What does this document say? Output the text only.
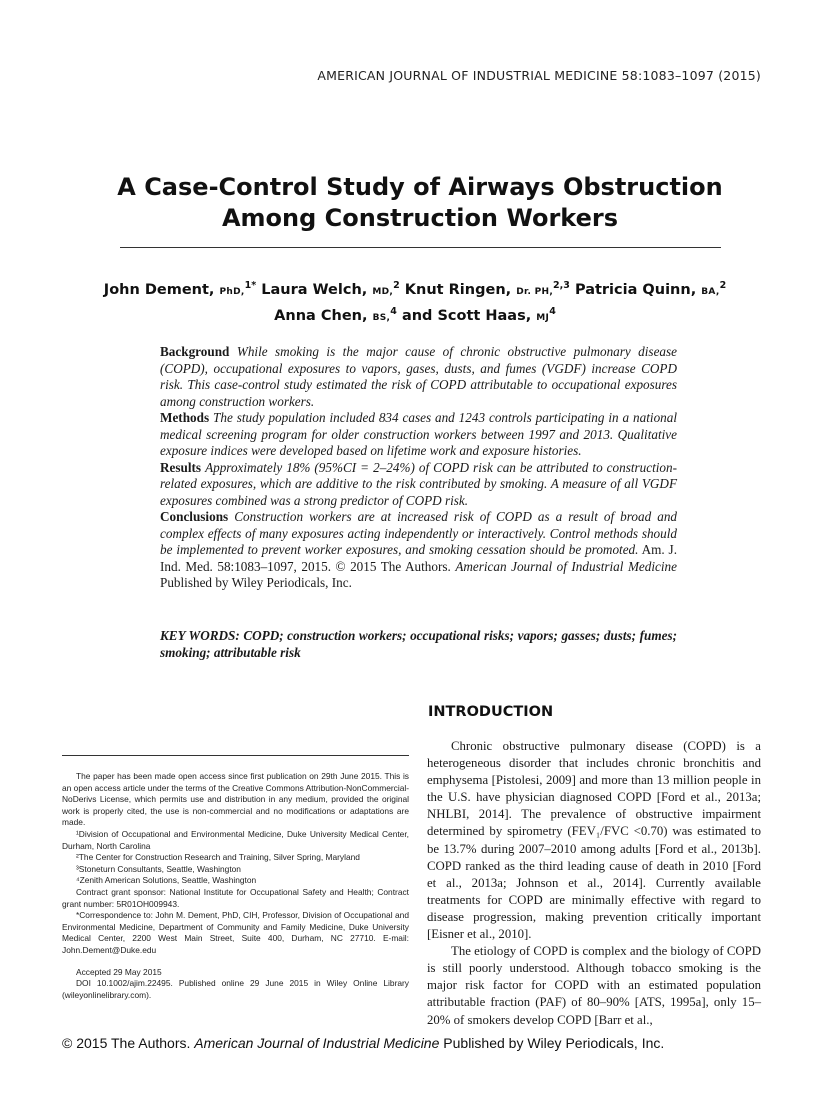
AMERICAN JOURNAL OF INDUSTRIAL MEDICINE 58:1083–1097 (2015)
A Case-Control Study of Airways Obstruction
Among Construction Workers
John Dement, PhD,$^{1*}$ Laura Welch, MD,$^2$ Knut Ringen, Dr. PH,$^{2,3}$ Patricia Quinn, BA,$^2$
Anna Chen, BS,$^4$ and Scott Haas, $MJ^4$

Background While smoking is the major cause of chronic obstructive pulmonary disease (COPD), occupational exposures to vapors, gases, dusts, and fumes (VGDF) increase COPD risk. This case-control study estimated the risk of COPD attributable to occupational exposures among construction workers.

Methods The study population included 834 cases and 1243 controls participating in a national medical screening program for older construction workers between 1997 and 2013. Qualitative exposure indices were developed based on lifetime work and exposure histories.

Results Approximately 18% (95%CI = 2–24%) of COPD risk can be attributed to construction-related exposures, which are additive to the risk contributed by smoking. A measure of all VGDF exposures combined was a strong predictor of COPD risk.

Conclusions Construction workers are at increased risk of COPD as a result of broad and complex effects of many exposures acting independently or interactively. Control methods should be implemented to prevent worker exposures, and smoking cessation should be promoted. Am. J. Ind. Med. 58:1083–1097, 2015. © 2015 The Authors. American Journal of Industrial Medicine Published by Wiley Periodicals, Inc.

KEY WORDS: COPD; construction workers; occupational risks; vapors; gasses; dusts; fumes; smoking; attributable risk
INTRODUCTION

Chronic obstructive pulmonary disease (COPD) is a heterogeneous disorder that includes chronic bronchitis and emphysema [Pistolesi, 2009] and more than 13 million people in the U.S. have physician diagnosed COPD [Ford et al., 2013a; NHLBI, 2014]. The prevalence of obstructive impairment determined by spirometry (FEV₁/FVC <0.70) was estimated to be 13.7% during 2007–2010 among adults [Ford et al., 2013b]. COPD ranked as the third leading cause of death in 2010 [Ford et al., 2013a; Johnson et al., 2014]. Currently available treatments for COPD are minimally effective with regard to disease progression, making prevention critically important [Eisner et al., 2010].

The etiology of COPD is complex and the biology of COPD is still poorly understood. Although tobacco smoking is the major risk factor for COPD with an estimated population attributable fraction (PAF) of 80–90% [ATS, 1995a], only 15–20% of smokers develop COPD [Barr et al.,

The paper has been made open access since first publication on 29th June 2015. This is an open access article under the terms of the Creative Commons Attribution-NonCommercial-NoDerivs License, which permits use and distribution in any medium, provided the original work is properly cited, the use is non-commercial and no modifications or adaptations are made.

¹Division of Occupational and Environmental Medicine, Duke University Medical Center, Durham, North Carolina

²The Center for Construction Research and Training, Silver Spring, Maryland

³Stoneturn Consultants, Seattle, Washington

⁴Zenith American Solutions, Seattle, Washington

Contract grant sponsor: National Institute for Occupational Safety and Health; Contract grant number: 5R01OH009943.

*Correspondence to: John M. Dement, PhD, CIH, Professor, Division of Occupational and Environmental Medicine, Department of Community and Family Medicine, Duke University Medical Center, 2200 West Main Street, Suite 400, Durham, NC 27710. E-mail: John.Dement@Duke.edu

Accepted 29 May 2015

DOI 10.1002/ajim.22495. Published online 29 June 2015 in Wiley Online Library (wileyonlinelibrary.com).

© 2015 The Authors. American Journal of Industrial Medicine Published by Wiley Periodicals, Inc.
